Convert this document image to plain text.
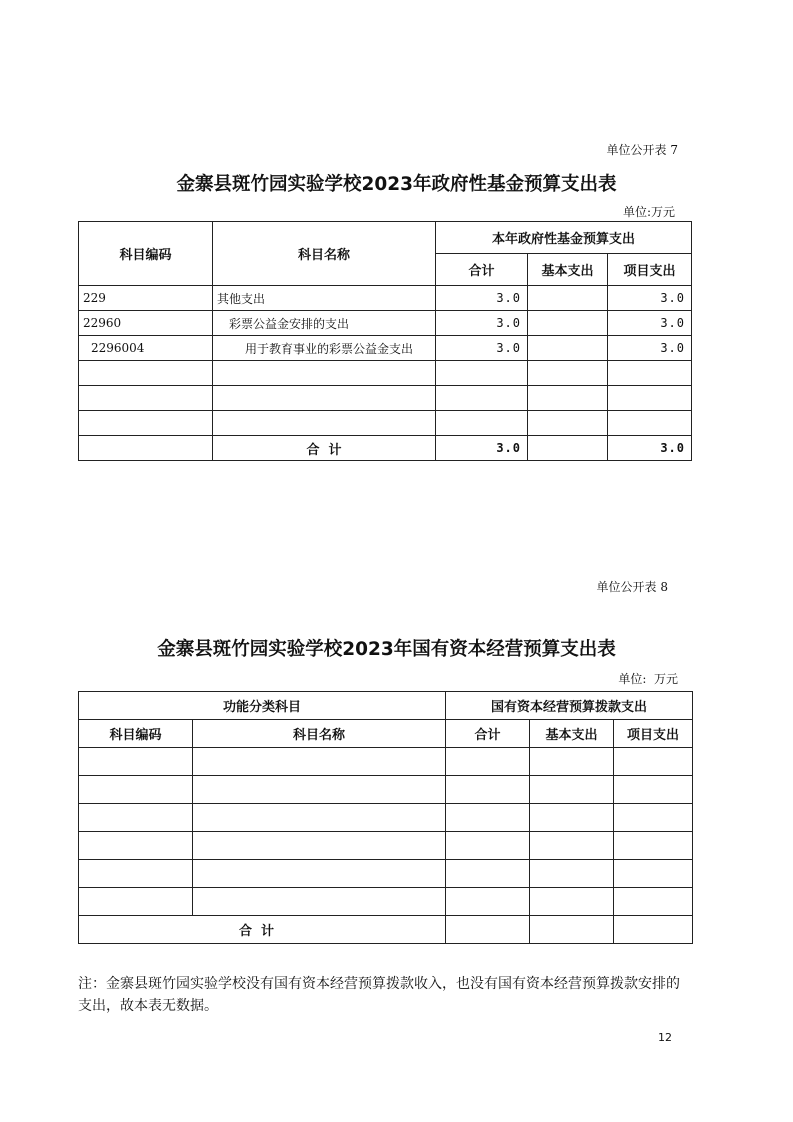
单位公开表 7
金寨县斑竹园实验学校2023年政府性基金预算支出表
单位:万元
科目编码	科目名称	本年政府性基金预算支出		
		合计	基本支出	项目支出
229	其他支出	3.0		3.0
22960	彩票公益金安排的支出	3.0		3.0
2296004	用于教育事业的彩票公益金支出	3.0		3.0

	合  计	3.0		3.0
单位公开表 8
金寨县斑竹园实验学校2023年国有资本经营预算支出表
单位:  万元
功能分类科目		国有资本经营预算拨款支出		
科目编码	科目名称	合计	基本支出	项目支出

合  计				
注：金寨县斑竹园实验学校没有国有资本经营预算拨款收入，也没有国有资本经营预算拨款安排的支出，故本表无数据。
12
